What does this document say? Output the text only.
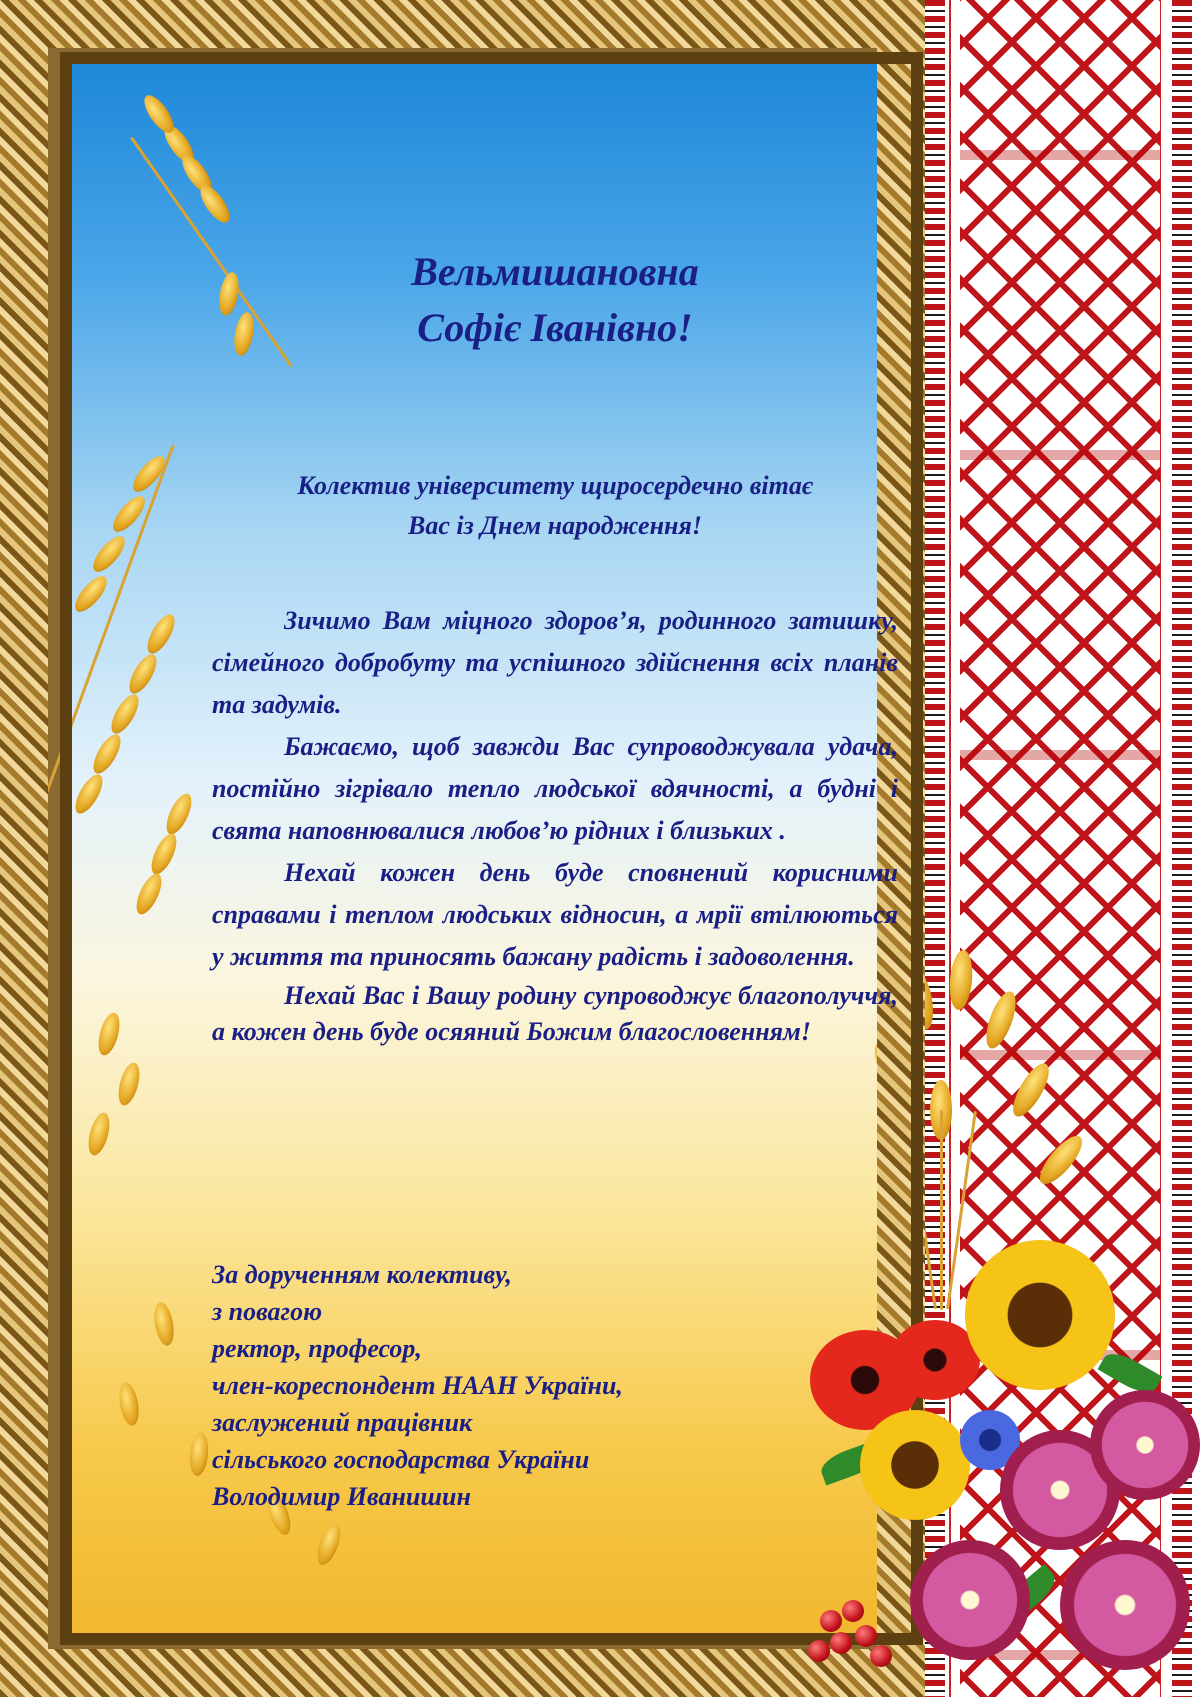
Вельмишановна
Софіє Іванівно!
Колектив університету щиросердечно вітає
Вас із Днем народження!

Зичимо Вам міцного здоров’я, родинного затишку, сімейного добробуту та успішного здійснення всіх планів та задумів.

Бажаємо, щоб завжди Вас супроводжувала удача, постійно зігрівало тепло людської вдячності, а будні і свята наповнювалися любов’ю рідних і близьких .

Нехай кожен день буде сповнений корисними справами і теплом людських відносин, а мрії втілюються у життя та приносять бажану радість і задоволення.

Нехай Вас і Вашу родину супроводжує благополуччя, а кожен день буде осяяний Божим благословенням!

За дорученням колективу,
з повагою
ректор, професор,
член-кореспондент НААН України,
заслужений працівник
сільського господарства України
Володимир Иванишин
